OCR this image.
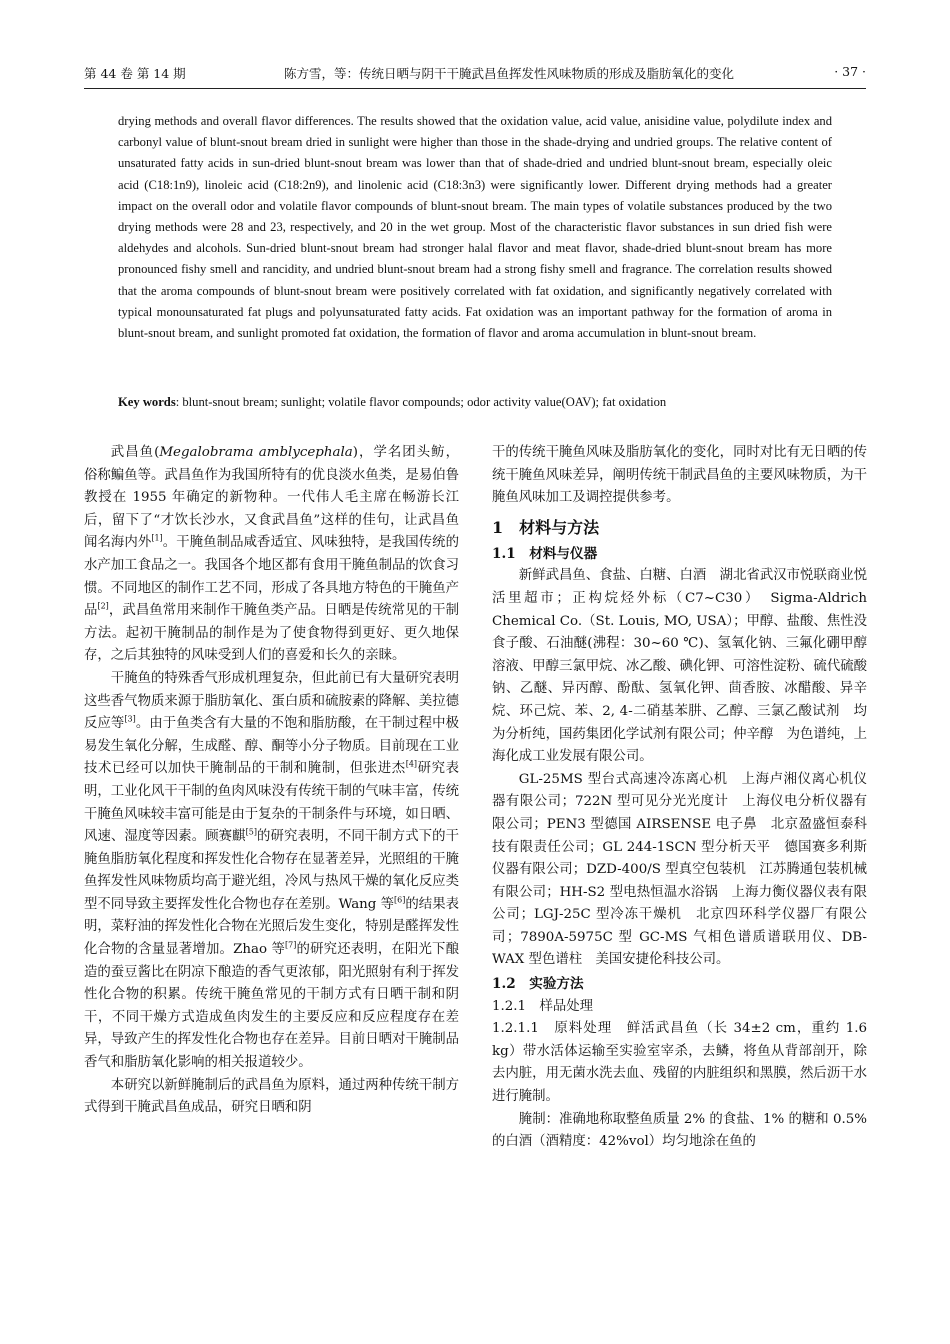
第 44 卷 第 14 期	陈方雪，等：传统日晒与阴干干腌武昌鱼挥发性风味物质的形成及脂肪氧化的变化	· 37 ·
drying methods and overall flavor differences. The results showed that the oxidation value, acid value, anisidine value, polydilute index and carbonyl value of blunt-snout bream dried in sunlight were higher than those in the shade-drying and undried groups. The relative content of unsaturated fatty acids in sun-dried blunt-snout bream was lower than that of shade-dried and undried blunt-snout bream, especially oleic acid (C18:1n9), linoleic acid (C18:2n9), and linolenic acid (C18:3n3) were significantly lower. Different drying methods had a greater impact on the overall odor and volatile flavor compounds of blunt-snout bream. The main types of volatile substances produced by the two drying methods were 28 and 23, respectively, and 20 in the wet group. Most of the characteristic flavor substances in sun dried fish were aldehydes and alcohols. Sun-dried blunt-snout bream had stronger halal flavor and meat flavor, shade-dried blunt-snout bream has more pronounced fishy smell and rancidity, and undried blunt-snout bream had a strong fishy smell and fragrance. The correlation results showed that the aroma compounds of blunt-snout bream were positively correlated with fat oxidation, and significantly negatively correlated with typical monounsaturated fat plugs and polyunsaturated fatty acids. Fat oxidation was an important pathway for the formation of aroma in blunt-snout bream, and sunlight promoted fat oxidation, the formation of flavor and aroma accumulation in blunt-snout bream.
Key words: blunt-snout bream; sunlight; volatile flavor compounds; odor activity value(OAV); fat oxidation

武昌鱼(Megalobrama amblycephala)，学名团头鲂，俗称鳊鱼等。武昌鱼作为我国所特有的优良淡水鱼类，是易伯鲁教授在 1955 年确定的新物种。一代伟人毛主席在畅游长江后，留下了“才饮长沙水，又食武昌鱼”这样的佳句，让武昌鱼闻名海内外[1]。干腌鱼制品咸香适宜、风味独特，是我国传统的水产加工食品之一。我国各个地区都有食用干腌鱼制品的饮食习惯。不同地区的制作工艺不同，形成了各具地方特色的干腌鱼产品[2]，武昌鱼常用来制作干腌鱼类产品。日晒是传统常见的干制方法。起初干腌制品的制作是为了使食物得到更好、更久地保存，之后其独特的风味受到人们的喜爱和长久的亲睐。

干腌鱼的特殊香气形成机理复杂，但此前已有大量研究表明这些香气物质来源于脂肪氧化、蛋白质和硫胺素的降解、美拉德反应等[3]。由于鱼类含有大量的不饱和脂肪酸，在干制过程中极易发生氧化分解，生成醛、醇、酮等小分子物质。目前现在工业技术已经可以加快干腌制品的干制和腌制，但张进杰[4]研究表明，工业化风干干制的鱼肉风味没有传统干制的气味丰富，传统干腌鱼风味较丰富可能是由于复杂的干制条件与环境，如日晒、风速、湿度等因素。顾赛麒[5]的研究表明，不同干制方式下的干腌鱼脂肪氧化程度和挥发性化合物存在显著差异，光照组的干腌鱼挥发性风味物质均高于避光组，冷风与热风干燥的氧化反应类型不同导致主要挥发性化合物也存在差别。Wang 等[6]的结果表明，菜籽油的挥发性化合物在光照后发生变化，特别是醛挥发性化合物的含量显著增加。Zhao 等[7]的研究还表明，在阳光下酿造的蚕豆酱比在阴凉下酿造的香气更浓郁，阳光照射有利于挥发性化合物的积累。传统干腌鱼常见的干制方式有日晒干制和阴干，不同干燥方式造成鱼肉发生的主要反应和反应程度存在差异，导致产生的挥发性化合物也存在差异。目前日晒对干腌制品香气和脂肪氧化影响的相关报道较少。

本研究以新鲜腌制后的武昌鱼为原料，通过两种传统干制方式得到干腌武昌鱼成品，研究日晒和阴

干的传统干腌鱼风味及脂肪氧化的变化，同时对比有无日晒的传统干腌鱼风味差异，阐明传统干制武昌鱼的主要风味物质，为干腌鱼风味加工及调控提供参考。

1　材料与方法
1.1　材料与仪器

新鲜武昌鱼、食盐、白糖、白酒　湖北省武汉市悦联商业悦活里超市；正构烷烃外标（C7~C30）　Sigma-Aldrich Chemical Co.（St. Louis, MO, USA）；甲醇、盐酸、焦性没食子酸、石油醚(沸程：30~60 ℃)、氢氧化钠、三氟化硼甲醇溶液、甲醇三氯甲烷、冰乙酸、碘化钾、可溶性淀粉、硫代硫酸钠、乙醚、异丙醇、酚酞、氢氧化钾、茴香胺、冰醋酸、异辛烷、环己烷、苯、2, 4-二硝基苯肼、乙醇、三氯乙酸试剂　均为分析纯，国药集团化学试剂有限公司；仲辛醇　为色谱纯，上海化成工业发展有限公司。

GL-25MS 型台式高速冷冻离心机　上海卢湘仪离心机仪器有限公司；722N 型可见分光光度计　上海仪电分析仪器有限公司；PEN3 型德国 AIRSENSE 电子鼻　北京盈盛恒泰科技有限责任公司；GL 244-1SCN 型分析天平　德国赛多利斯仪器有限公司；DZD-400/S 型真空包装机　江苏腾通包装机械有限公司；HH-S2 型电热恒温水浴锅　上海力衡仪器仪表有限公司；LGJ-25C 型冷冻干燥机　北京四环科学仪器厂有限公司；7890A-5975C 型 GC-MS 气相色谱质谱联用仪、DB-WAX 型色谱柱　美国安捷伦科技公司。

1.2　实验方法
1.2.1　样品处理

1.2.1.1　原料处理　鲜活武昌鱼（长 34±2 cm，重约 1.6 kg）带水活体运输至实验室宰杀，去鳞，将鱼从背部剖开，除去内脏，用无菌水洗去血、残留的内脏组织和黑膜，然后沥干水进行腌制。

腌制：准确地称取整鱼质量 2% 的食盐、1% 的糖和 0.5% 的白酒（酒精度：42%vol）均匀地涂在鱼的
